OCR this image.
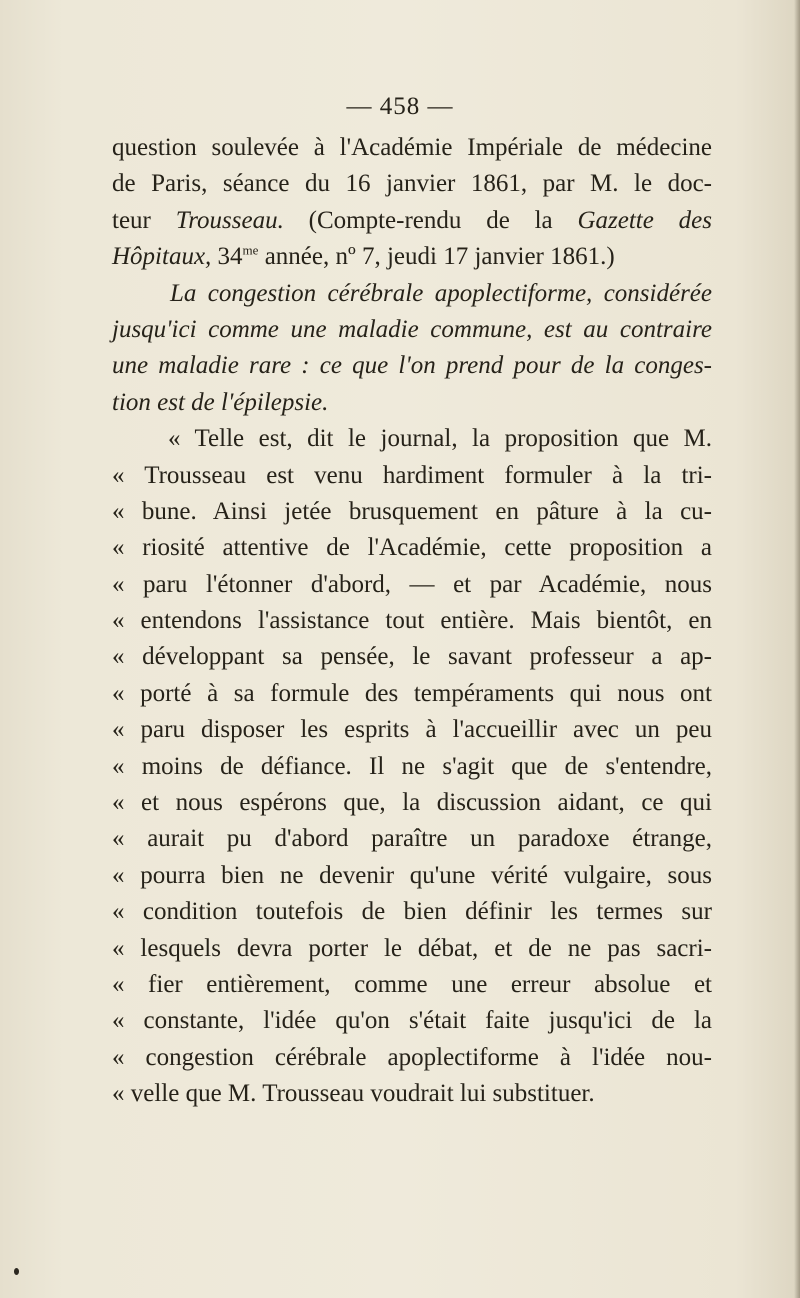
— 458 —
question soulevée à l'Académie Impériale de médecine
de Paris, séance du 16 janvier 1861, par M. le doc-
teur Trousseau. (Compte-rendu de la Gazette des
Hôpitaux, $34^{me}$ année, nº 7, jeudi 17 janvier 1861.)
La congestion cérébrale apoplectiforme, considérée
jusqu'ici comme une maladie commune, est au contraire
une maladie rare : ce que l'on prend pour de la conges-
tion est de l'épilepsie.
« Telle est, dit le journal, la proposition que M.
« Trousseau est venu hardiment formuler à la tri-
« bune. Ainsi jetée brusquement en pâture à la cu-
« riosité attentive de l'Académie, cette proposition a
« paru l'étonner d'abord, — et par Académie, nous
« entendons l'assistance tout entière. Mais bientôt, en
« développant sa pensée, le savant professeur a ap-
« porté à sa formule des tempéraments qui nous ont
« paru disposer les esprits à l'accueillir avec un peu
« moins de défiance. Il ne s'agit que de s'entendre,
« et nous espérons que, la discussion aidant, ce qui
« aurait pu d'abord paraître un paradoxe étrange,
« pourra bien ne devenir qu'une vérité vulgaire, sous
« condition toutefois de bien définir les termes sur
« lesquels devra porter le débat, et de ne pas sacri-
« fier entièrement, comme une erreur absolue et
« constante, l'idée qu'on s'était faite jusqu'ici de la
« congestion cérébrale apoplectiforme à l'idée nou-
« velle que M. Trousseau voudrait lui substituer.
